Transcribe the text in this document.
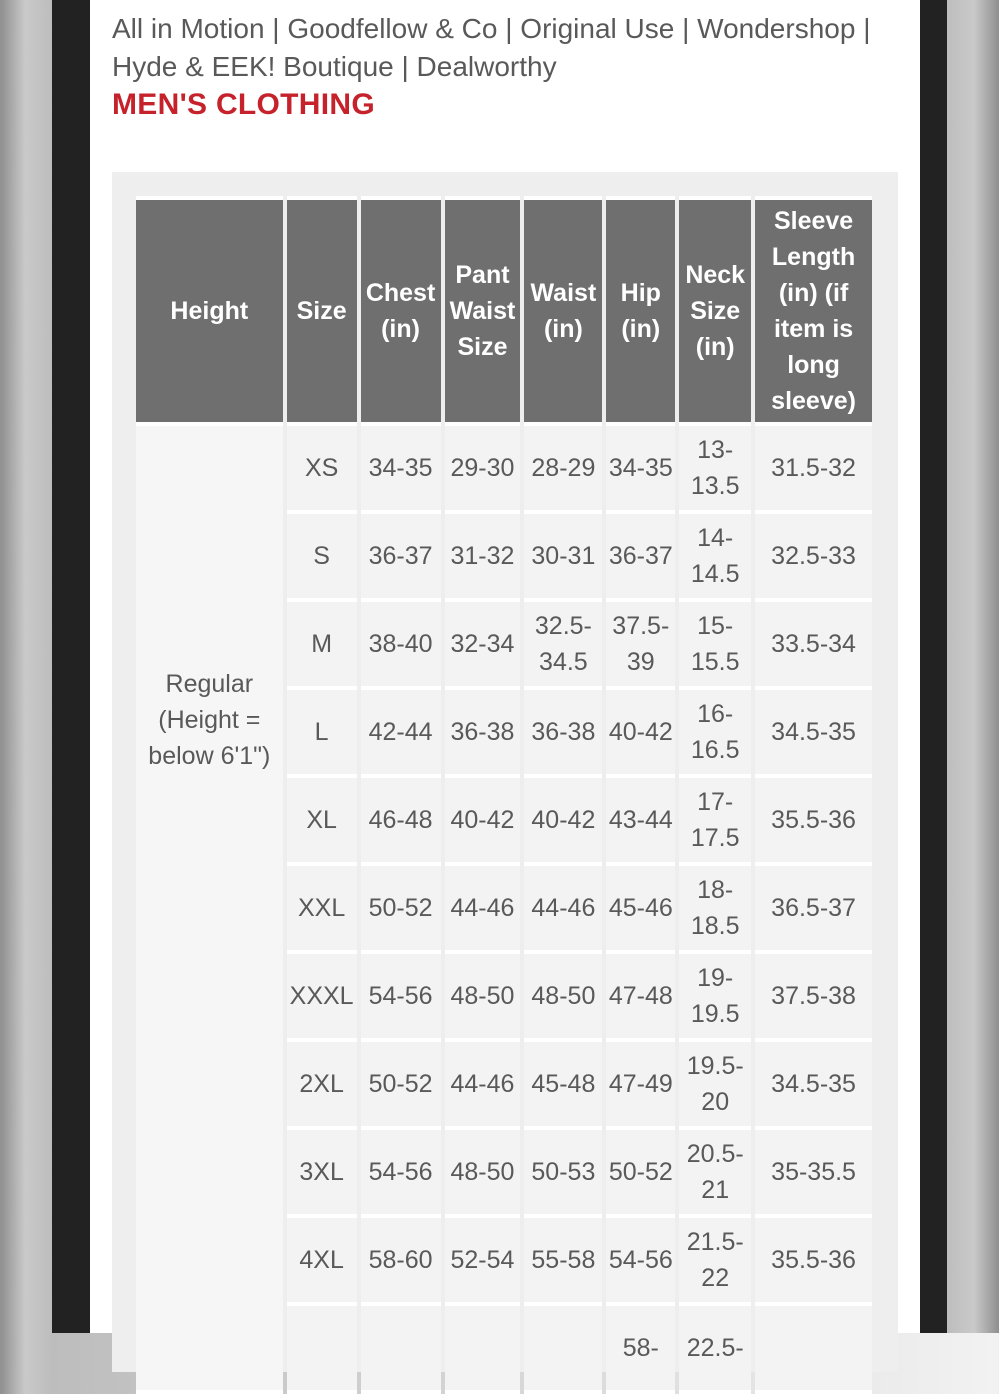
All in Motion | Goodfellow & Co | Original Use | Wondershop | Hyde & EEK! Boutique | Dealworthy
MEN'S CLOTHING
Height	Size	Chest (in)	Pant Waist Size	Waist (in)	Hip (in)	Neck Size (in)	Sleeve Length (in) (if item is long sleeve)

Regular (Height = below 6'1")	XS	34-35	29-30	28-29	34-35	13-13.5	31.5-32
	S	36-37	31-32	30-31	36-37	14-14.5	32.5-33
	M	38-40	32-34	32.5-34.5	37.5-39	15-15.5	33.5-34
	L	42-44	36-38	36-38	40-42	16-16.5	34.5-35
	XL	46-48	40-42	40-42	43-44	17-17.5	35.5-36
	XXL	50-52	44-46	44-46	45-46	18-18.5	36.5-37
	XXXL	54-56	48-50	48-50	47-48	19-19.5	37.5-38
	2XL	50-52	44-46	45-48	47-49	19.5-20	34.5-35
	3XL	54-56	48-50	50-53	50-52	20.5-21	35-35.5
	4XL	58-60	52-54	55-58	54-56	21.5-22	35.5-36
					58-	22.5-	
